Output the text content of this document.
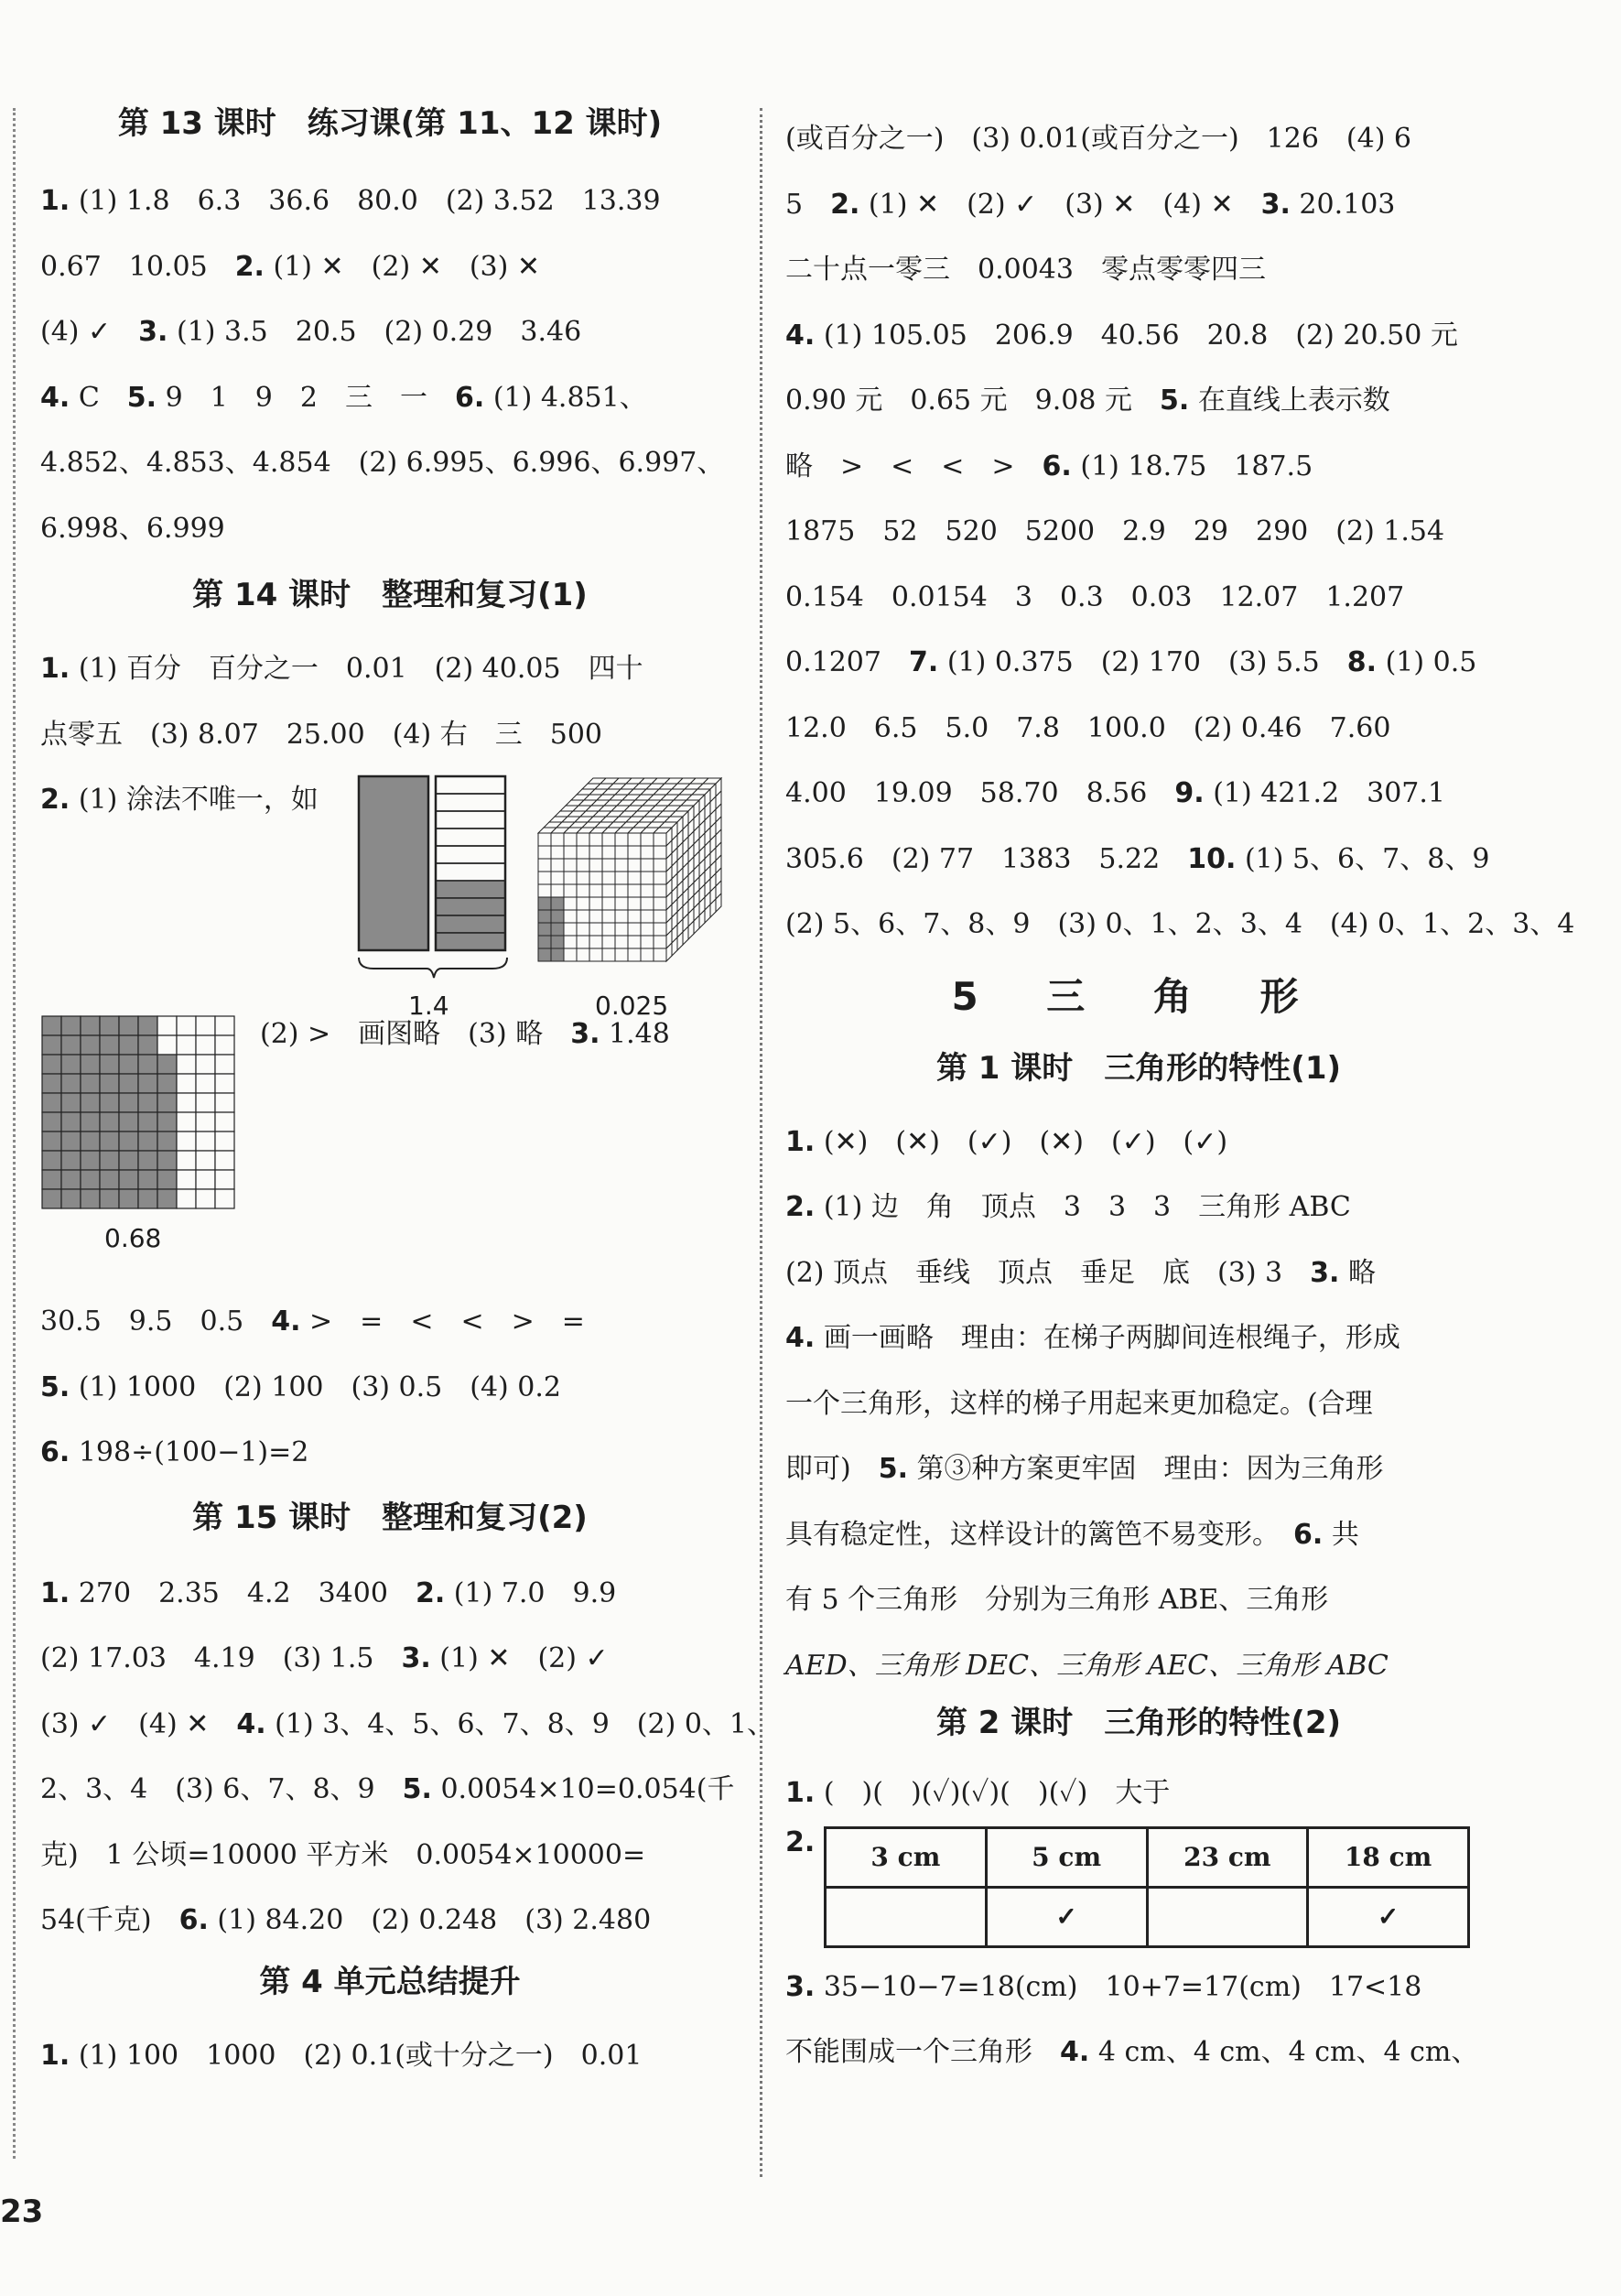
第 13 课时　练习课(第 11、12 课时)

1. (1) 1.8　6.3　36.6　80.0　(2) 3.52　13.39
0.67　10.05　2. (1) ✕　(2) ✕　(3) ✕
(4) ✓　3. (1) 3.5　20.5　(2) 0.29　3.46
4. C　5. 9　1　9　2　三　一　6. (1) 4.851、
4.852、4.853、4.854　(2) 6.995、6.996、6.997、
6.998、6.999

第 14 课时　整理和复习(1)

1. (1) 百分　百分之一　0.01　(2) 40.05　四十
点零五　(3) 8.07　25.00　(4) 右　三　500
2. (1) 涂法不唯一，如
1.4	0.025
0.68
(2) >　画图略　(3) 略　3. 1.48
30.5　9.5　0.5　4. >　=　<　<　>　=
5. (1) 1000　(2) 100　(3) 0.5　(4) 0.2
6. 198÷(100−1)=2

第 15 课时　整理和复习(2)

1. 270　2.35　4.2　3400　2. (1) 7.0　9.9
(2) 17.03　4.19　(3) 1.5　3. (1) ✕　(2) ✓
(3) ✓　(4) ✕　4. (1) 3、4、5、6、7、8、9　(2) 0、1、
2、3、4　(3) 6、7、8、9　5. 0.0054×10=0.054(千
克)　1 公顷=10000 平方米　0.0054×10000=
54(千克)　6. (1) 84.20　(2) 0.248　(3) 2.480

第 4 单元总结提升

1. (1) 100　1000　(2) 0.1(或十分之一)　0.01
(或百分之一)　(3) 0.01(或百分之一)　126　(4) 6
5　2. (1) ✕　(2) ✓　(3) ✕　(4) ✕　3. 20.103
二十点一零三　0.0043　零点零零四三
4. (1) 105.05　206.9　40.56　20.8　(2) 20.50 元
0.90 元　0.65 元　9.08 元　5. 在直线上表示数
略　>　<　<　>　6. (1) 18.75　187.5
1875　52　520　5200　2.9　29　290　(2) 1.54
0.154　0.0154　3　0.3　0.03　12.07　1.207
0.1207　7. (1) 0.375　(2) 170　(3) 5.5　8. (1) 0.5
12.0　6.5　5.0　7.8　100.0　(2) 0.46　7.60
4.00　19.09　58.70　8.56　9. (1) 421.2　307.1
305.6　(2) 77　1383　5.22　10. (1) 5、6、7、8、9
(2) 5、6、7、8、9　(3) 0、1、2、3、4　(4) 0、1、2、3、4
5 三 角 形

第 1 课时　三角形的特性(1)

1. (✕)　(✕)　(✓)　(✕)　(✓)　(✓)
2. (1) 边　角　顶点　3　3　3　三角形 ABC
(2) 顶点　垂线　顶点　垂足　底　(3) 3　3. 略
4. 画一画略　理由：在梯子两脚间连根绳子，形成
一个三角形，这样的梯子用起来更加稳定。(合理
即可)　5. 第③种方案更牢固　理由：因为三角形
具有稳定性，这样设计的篱笆不易变形。　6. 共
有 5 个三角形　分别为三角形 ABE、三角形
AED、三角形 DEC、三角形 AEC、三角形 ABC

第 2 课时　三角形的特性(2)

1. (　)(　)(✓)(✓)(　)(✓)　大于
2. 3 cm	5 cm	23 cm	18 cm
	✓		✓
3. 35−10−7=18(cm)　10+7=17(cm)　17<18
不能围成一个三角形　4. 4 cm、4 cm、4 cm、4 cm、
23
